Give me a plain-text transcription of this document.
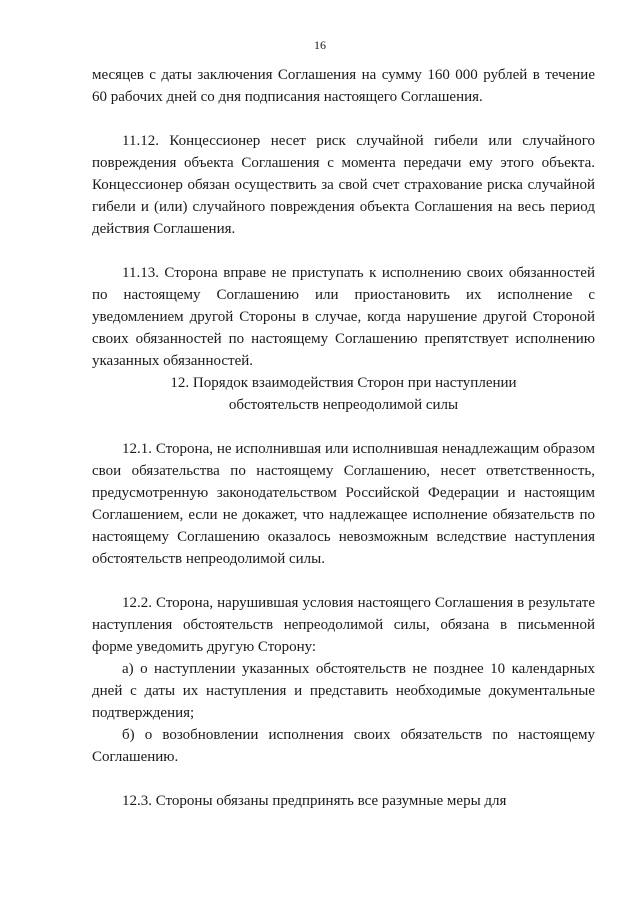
16

месяцев с даты заключения Соглашения на сумму 160 000 рублей в течение 60 рабочих дней со дня подписания настоящего Соглашения.

11.12. Концессионер несет риск случайной гибели или случайного повреждения объекта Соглашения с момента передачи ему этого объекта. Концессионер обязан осуществить за свой счет страхование риска случайной гибели и (или) случайного повреждения объекта Соглашения на весь период действия Соглашения.

11.13. Сторона вправе не приступать к исполнению своих обязанностей по настоящему Соглашению или приостановить их исполнение с уведомлением другой Стороны в случае, когда нарушение другой Стороной своих обязанностей по настоящему Соглашению препятствует исполнению указанных обязанностей.

12. Порядок взаимодействия Сторон при наступлении
обстоятельств непреодолимой силы

12.1. Сторона, не исполнившая или исполнившая ненадлежащим образом свои обязательства по настоящему Соглашению, несет ответственность, предусмотренную законодательством Российской Федерации и настоящим Соглашением, если не докажет, что надлежащее исполнение обязательств по настоящему Соглашению оказалось невозможным вследствие наступления обстоятельств непреодолимой силы.

12.2. Сторона, нарушившая условия настоящего Соглашения в результате наступления обстоятельств непреодолимой силы, обязана в письменной форме уведомить другую Сторону:

а) о наступлении указанных обстоятельств не позднее 10 календарных дней с даты их наступления и представить необходимые документальные подтверждения;

б) о возобновлении исполнения своих обязательств по настоящему Соглашению.

12.3. Стороны обязаны предпринять все разумные меры для
